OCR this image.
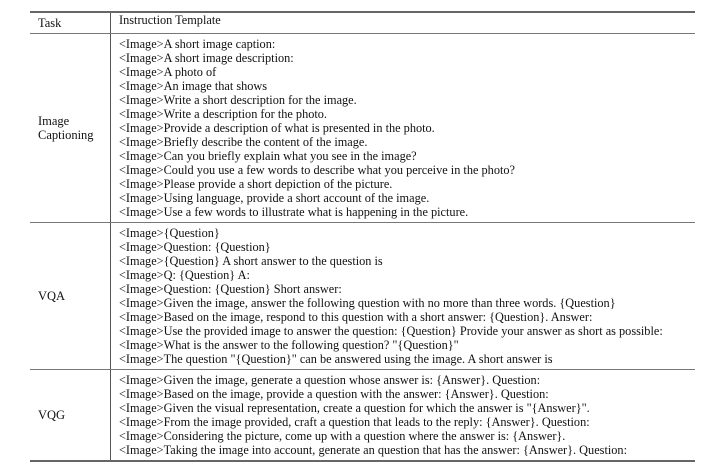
Task	Instruction Template
Image Captioning
<Image>A short image caption:
<Image>A short image description:
<Image>A photo of
<Image>An image that shows
<Image>Write a short description for the image.
<Image>Write a description for the photo.
<Image>Provide a description of what is presented in the photo.
<Image>Briefly describe the content of the image.
<Image>Can you briefly explain what you see in the image?
<Image>Could you use a few words to describe what you perceive in the photo?
<Image>Please provide a short depiction of the picture.
<Image>Using language, provide a short account of the image.
<Image>Use a few words to illustrate what is happening in the picture.
VQA
<Image>{Question}
<Image>Question: {Question}
<Image>{Question} A short answer to the question is
<Image>Q: {Question} A:
<Image>Question: {Question} Short answer:
<Image>Given the image, answer the following question with no more than three words. {Question}
<Image>Based on the image, respond to this question with a short answer: {Question}. Answer:
<Image>Use the provided image to answer the question: {Question} Provide your answer as short as possible:
<Image>What is the answer to the following question? "{Question}"
<Image>The question "{Question}" can be answered using the image. A short answer is
VQG
<Image>Given the image, generate a question whose answer is: {Answer}. Question:
<Image>Based on the image, provide a question with the answer: {Answer}. Question:
<Image>Given the visual representation, create a question for which the answer is "{Answer}".
<Image>From the image provided, craft a question that leads to the reply: {Answer}. Question:
<Image>Considering the picture, come up with a question where the answer is: {Answer}.
<Image>Taking the image into account, generate an question that has the answer: {Answer}. Question:
